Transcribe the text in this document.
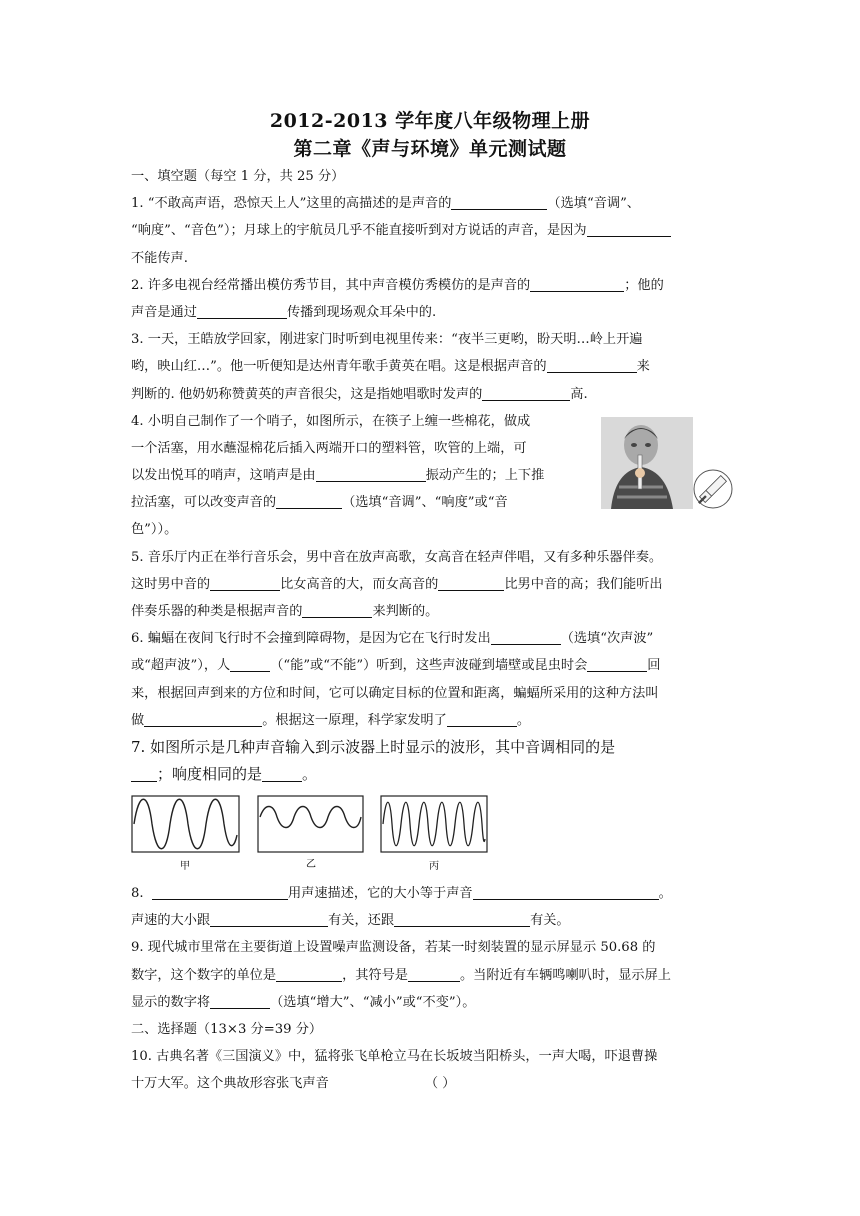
2012-2013 学年度八年级物理上册
第二章《声与环境》单元测试题
一、填空题（每空 1 分，共 25 分）
1. “不敢高声语，恐惊天上人”这里的高描述的是声音的	（选填“音调”、
“响度”、“音色”）；月球上的宇航员几乎不能直接听到对方说话的声音，是因为
不能传声.
2. 许多电视台经常播出模仿秀节目，其中声音模仿秀模仿的是声音的	；他的
声音是通过	传播到现场观众耳朵中的.
3. 一天，王皓放学回家，刚进家门时听到电视里传来：“夜半三更哟，盼天明…岭上开遍
哟，映山红…”。他一听便知是达州青年歌手黄英在唱。这是根据声音的	来
判断的. 他奶奶称赞黄英的声音很尖，这是指她唱歌时发声的	高.
4. 小明自己制作了一个哨子，如图所示，在筷子上缠一些棉花，做成
一个活塞，用水蘸湿棉花后插入两端开口的塑料管，吹管的上端，可
以发出悦耳的哨声，这哨声是由	振动产生的；上下推
拉活塞，可以改变声音的	（选填“音调”、“响度”或“音
色”））。
5. 音乐厅内正在举行音乐会，男中音在放声高歌，女高音在轻声伴唱，又有多种乐器伴奏。
这时男中音的	比女高音的大，而女高音的	比男中音的高；我们能听出
伴奏乐器的种类是根据声音的	来判断的。
6. 蝙蝠在夜间飞行时不会撞到障碍物，是因为它在飞行时发出	（选填“次声波”
或“超声波”），人	（“能”或“不能”）听到，这些声波碰到墙壁或昆虫时会	回
来，根据回声到来的方位和时间，它可以确定目标的位置和距离，蝙蝠所采用的这种方法叫
做	。根据这一原理，科学家发明了	。
7. 如图所示是几种声音输入到示波器上时显示的波形，其中音调相同的是
；响度相同的是	。
甲	乙	丙
8.	用声速描述，它的大小等于声音	。
声速的大小跟	有关，还跟	有关。
9. 现代城市里常在主要街道上设置噪声监测设备，若某一时刻装置的显示屏显示 50.68 的
数字，这个数字的单位是	，其符号是	。当附近有车辆鸣喇叭时，显示屏上
显示的数字将	（选填“增大”、“减小”或“不变”）。
二、选择题（13×3 分=39 分）
10. 古典名著《三国演义》中，猛将张飞单枪立马在长坂坡当阳桥头，一声大喝，吓退曹操
十万大军。这个典故形容张飞声音	（ ）
